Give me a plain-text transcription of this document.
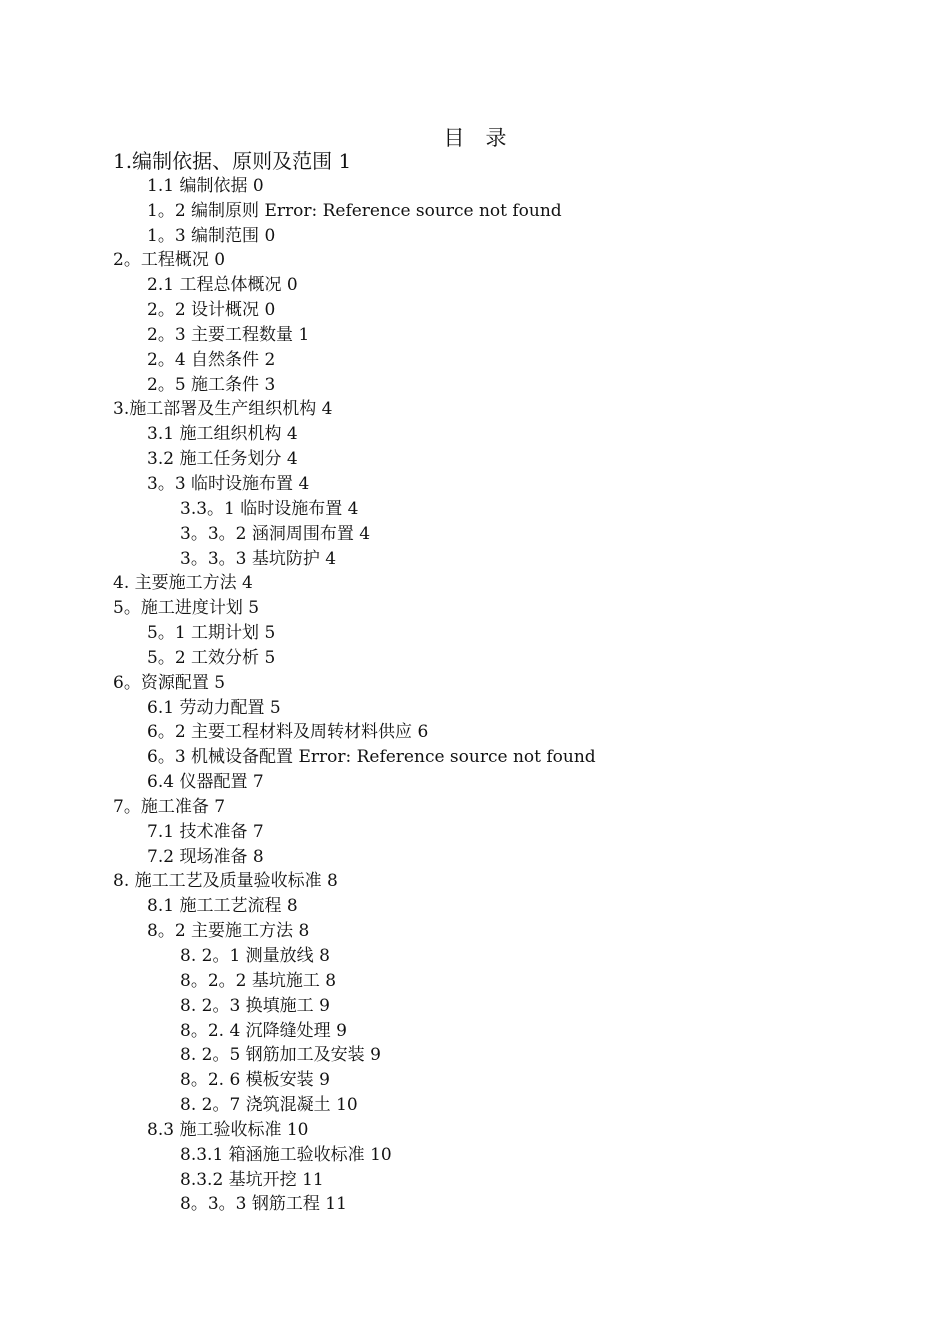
目　录
1.编制依据、原则及范围 1
1.1 编制依据 0
1。2 编制原则 Error: Reference source not found
1。3 编制范围 0
2。工程概况 0
2.1 工程总体概况 0
2。2 设计概况 0
2。3 主要工程数量 1
2。4 自然条件 2
2。5 施工条件 3
3.施工部署及生产组织机构 4
3.1 施工组织机构 4
3.2 施工任务划分 4
3。3 临时设施布置 4
3.3。1 临时设施布置 4
3。3。2 涵洞周围布置 4
3。3。3 基坑防护 4
4. 主要施工方法 4
5。施工进度计划 5
5。1 工期计划 5
5。2 工效分析 5
6。资源配置 5
6.1 劳动力配置 5
6。2 主要工程材料及周转材料供应 6
6。3 机械设备配置 Error: Reference source not found
6.4 仪器配置 7
7。施工准备 7
7.1 技术准备 7
7.2 现场准备 8
8. 施工工艺及质量验收标准 8
8.1 施工工艺流程 8
8。2 主要施工方法 8
8. 2。1 测量放线 8
8。2。2 基坑施工 8
8. 2。3 换填施工 9
8。2. 4 沉降缝处理 9
8. 2。5 钢筋加工及安装 9
8。2. 6 模板安装 9
8. 2。7 浇筑混凝土 10
8.3 施工验收标准 10
8.3.1 箱涵施工验收标准 10
8.3.2 基坑开挖 11
8。3。3 钢筋工程 11
